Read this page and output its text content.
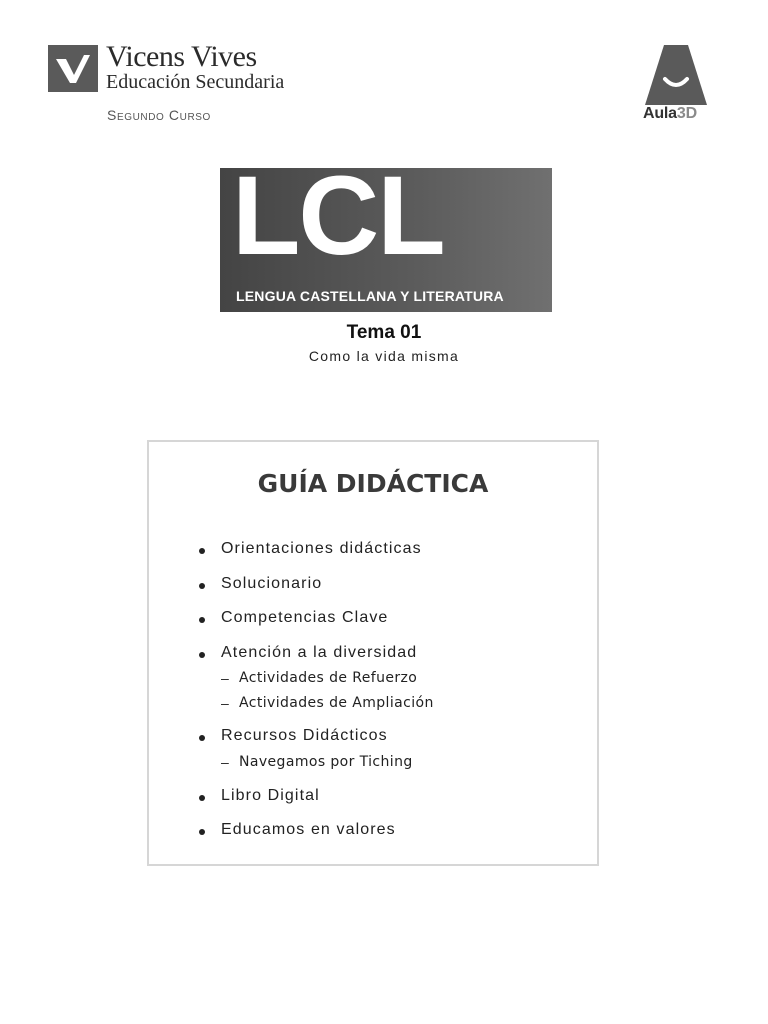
Vicens Vives
Educación Secundaria
Segundo Curso	Aula3D
LCL
LENGUA CASTELLANA Y LITERATURA
Tema 01
Como la vida misma
GUÍA DIDÁCTICA
Orientaciones didácticas
Solucionario
Competencias Clave
Atención a la diversidad
– Actividades de Refuerzo
– Actividades de Ampliación
Recursos Didácticos
– Navegamos por Tiching
Libro Digital
Educamos en valores
